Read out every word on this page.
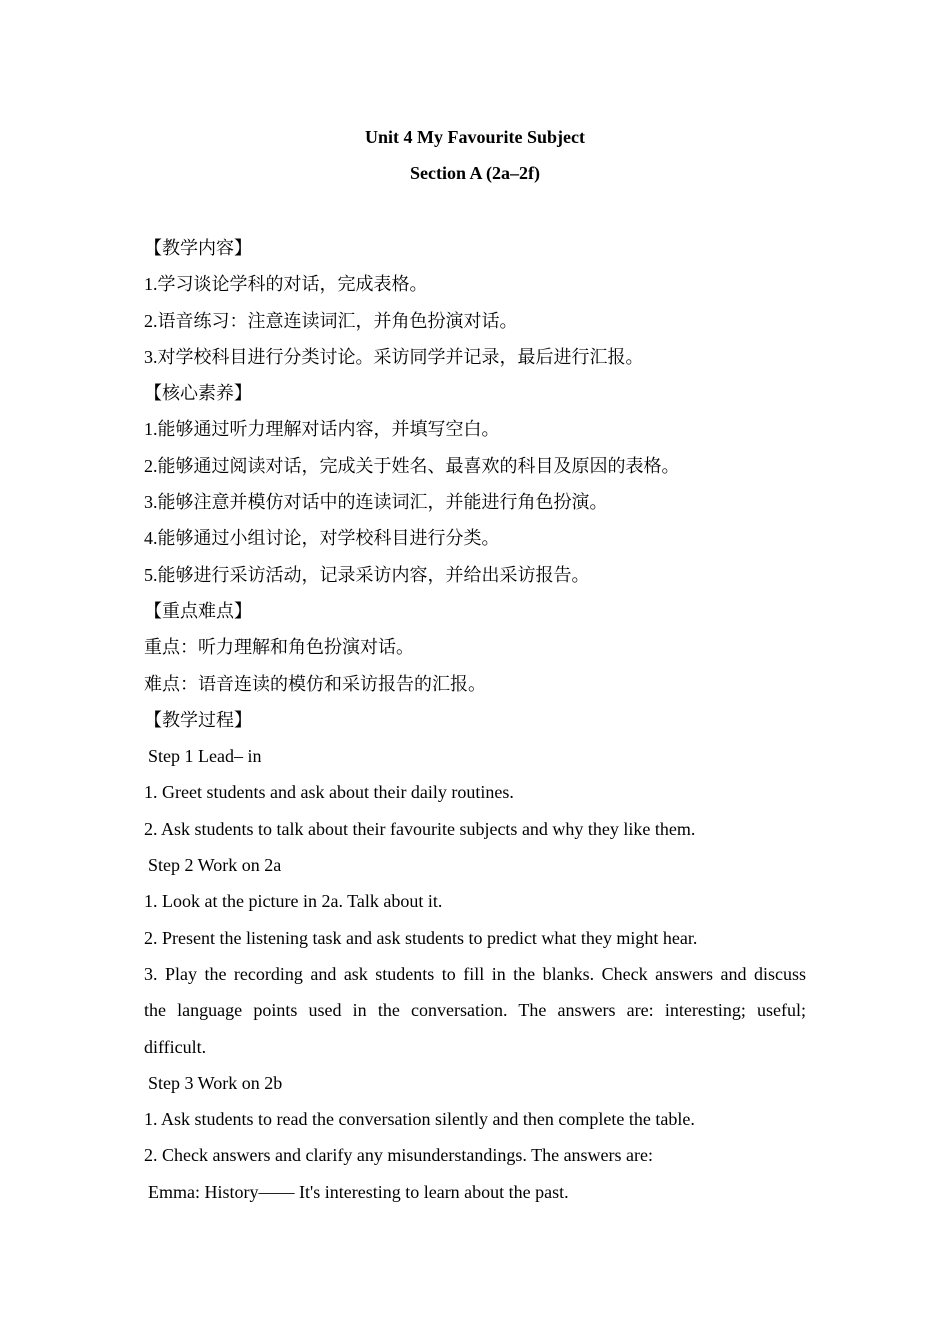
Unit 4 My Favourite Subject
Section A (2a–2f)
【教学内容】
1.学习谈论学科的对话，完成表格。
2.语音练习：注意连读词汇，并角色扮演对话。
3.对学校科目进行分类讨论。采访同学并记录，最后进行汇报。
【核心素养】
1.能够通过听力理解对话内容，并填写空白。
2.能够通过阅读对话，完成关于姓名、最喜欢的科目及原因的表格。
3.能够注意并模仿对话中的连读词汇，并能进行角色扮演。
4.能够通过小组讨论，对学校科目进行分类。
5.能够进行采访活动，记录采访内容，并给出采访报告。
【重点难点】
重点：听力理解和角色扮演对话。
难点：语音连读的模仿和采访报告的汇报。
【教学过程】
Step 1 Lead– in
1. Greet students and ask about their daily routines.
2. Ask students to talk about their favourite subjects and why they like them.
Step 2 Work on 2a
1. Look at the picture in 2a. Talk about it.
2. Present the listening task and ask students to predict what they might hear.
3. Play the recording and ask students to fill in the blanks. Check answers and discuss
the language points used in the conversation. The answers are: interesting; useful;
difficult.
Step 3 Work on 2b
1. Ask students to read the conversation silently and then complete the table.
2. Check answers and clarify any misunderstandings. The answers are:
Emma: History—— It's interesting to learn about the past.
